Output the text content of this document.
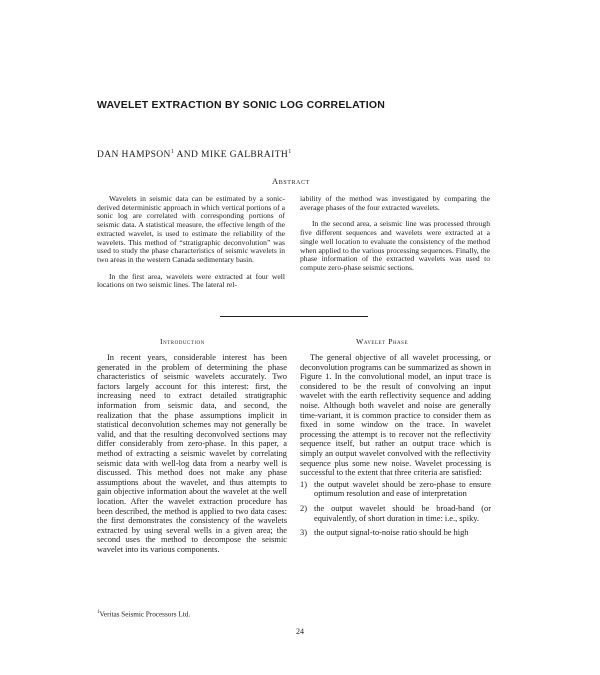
WAVELET EXTRACTION BY SONIC LOG CORRELATION
DAN HAMPSON$^1$ AND MIKE GALBRAITH$^1$
Abstract

Wavelets in seismic data can be estimated by a sonic-derived deterministic approach in which vertical portions of a sonic log are correlated with corresponding portions of seismic data. A statistical measure, the effective length of the extracted wavelet, is used to estimate the reliability of the wavelets. This method of “stratigraphic deconvolution” was used to study the phase characteristics of seismic wavelets in two areas in the western Canada sedimentary basin.

In the first area, wavelets were extracted at four well locations on two seismic lines. The lateral rel-

iability of the method was investigated by comparing the average phases of the four extracted wavelets.

In the second area, a seismic line was processed through five different sequences and wavelets were extracted at a single well location to evaluate the consistency of the method when applied to the various processing sequences. Finally, the phase information of the extracted wavelets was used to compute zero-phase seismic sections.

Introduction	Wavelet Phase
In recent years, considerable interest has been generated in the problem of determining the phase characteristics of seismic wavelets accurately. Two factors largely account for this interest: first, the increasing need to extract detailed stratigraphic information from seismic data, and second, the realization that the phase assumptions implicit in statistical deconvolution schemes may not generally be valid, and that the resulting deconvolved sections may differ considerably from zero-phase. In this paper, a method of extracting a seismic wavelet by correlating seismic data with well-log data from a nearby well is discussed. This method does not make any phase assumptions about the wavelet, and thus attempts to gain objective information about the wavelet at the well location. After the wavelet extraction procedure has been described, the method is applied to two data cases: the first demonstrates the consistency of the wavelets extracted by using several wells in a given area; the second uses the method to decompose the seismic wavelet into its various components.

The general objective of all wavelet processing, or deconvolution programs can be summarized as shown in Figure 1. In the convolutional model, an input trace is considered to be the result of convolving an input wavelet with the earth reflectivity sequence and adding noise. Although both wavelet and noise are generally time-variant, it is common practice to consider them as fixed in some window on the trace. In wavelet processing the attempt is to recover not the reflectivity sequence itself, but rather an output trace which is simply an output wavelet convolved with the reflectivity sequence plus some new noise. Wavelet processing is successful to the extent that three criteria are satisfied:

1) the output wavelet should be zero-phase to ensure optimum resolution and ease of interpretation
2) the output wavelet should be broad-band (or equivalently, of short duration in time: i.e., spiky.
3) the output signal-to-noise ratio should be high
$^1$Veritas Seismic Processors Ltd.
24
